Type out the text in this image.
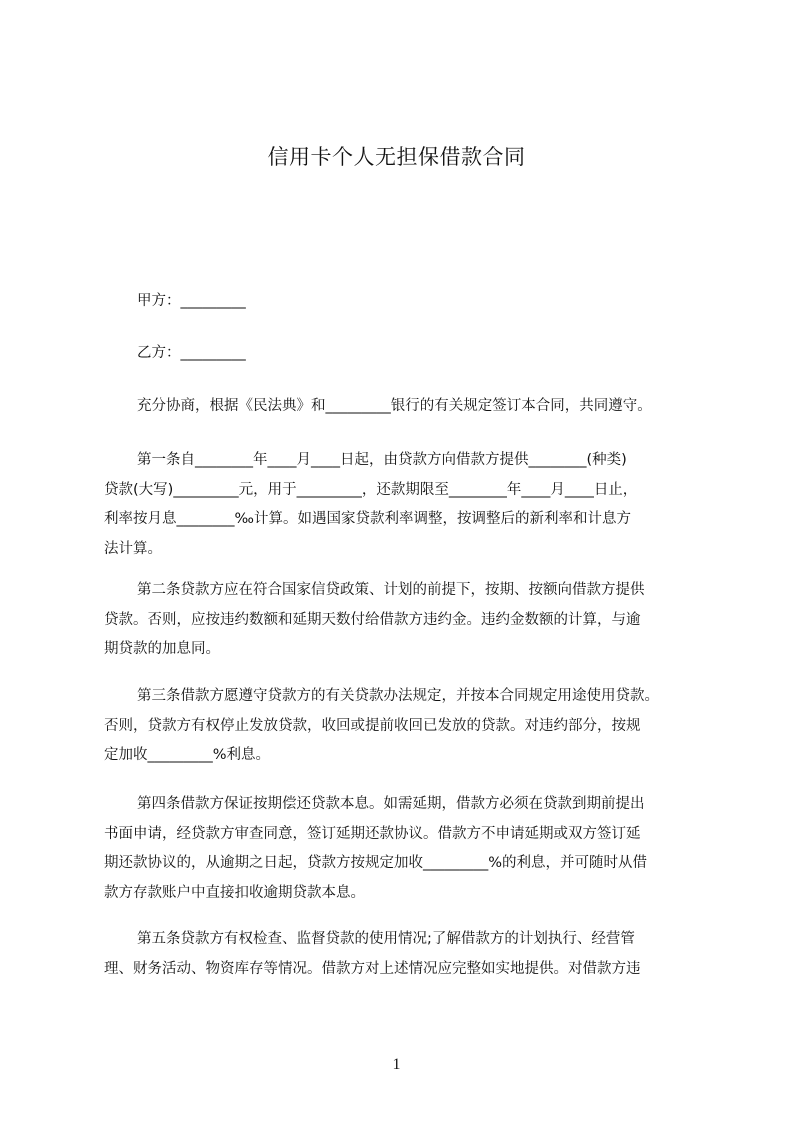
信用卡个人无担保借款合同

甲方：_________

乙方：_________

充分协商，根据《民法典》和_________银行的有关规定签订本合同，共同遵守。

第一条自________年____月____日起，由贷款方向借款方提供________(种类)
贷款(大写)_________元，用于_________，还款期限至________年____月____日止，
利率按月息________‰计算。如遇国家贷款利率调整，按调整后的新利率和计息方
法计算。

第二条贷款方应在符合国家信贷政策、计划的前提下，按期、按额向借款方提供
贷款。否则，应按违约数额和延期天数付给借款方违约金。违约金数额的计算，与逾
期贷款的加息同。

第三条借款方愿遵守贷款方的有关贷款办法规定，并按本合同规定用途使用贷款。
否则，贷款方有权停止发放贷款，收回或提前收回已发放的贷款。对违约部分，按规
定加收_________%利息。

第四条借款方保证按期偿还贷款本息。如需延期，借款方必须在贷款到期前提出
书面申请，经贷款方审查同意，签订延期还款协议。借款方不申请延期或双方签订延
期还款协议的，从逾期之日起，贷款方按规定加收_________%的利息，并可随时从借
款方存款账户中直接扣收逾期贷款本息。

第五条贷款方有权检查、监督贷款的使用情况;了解借款方的计划执行、经营管
理、财务活动、物资库存等情况。借款方对上述情况应完整如实地提供。对借款方违

1
